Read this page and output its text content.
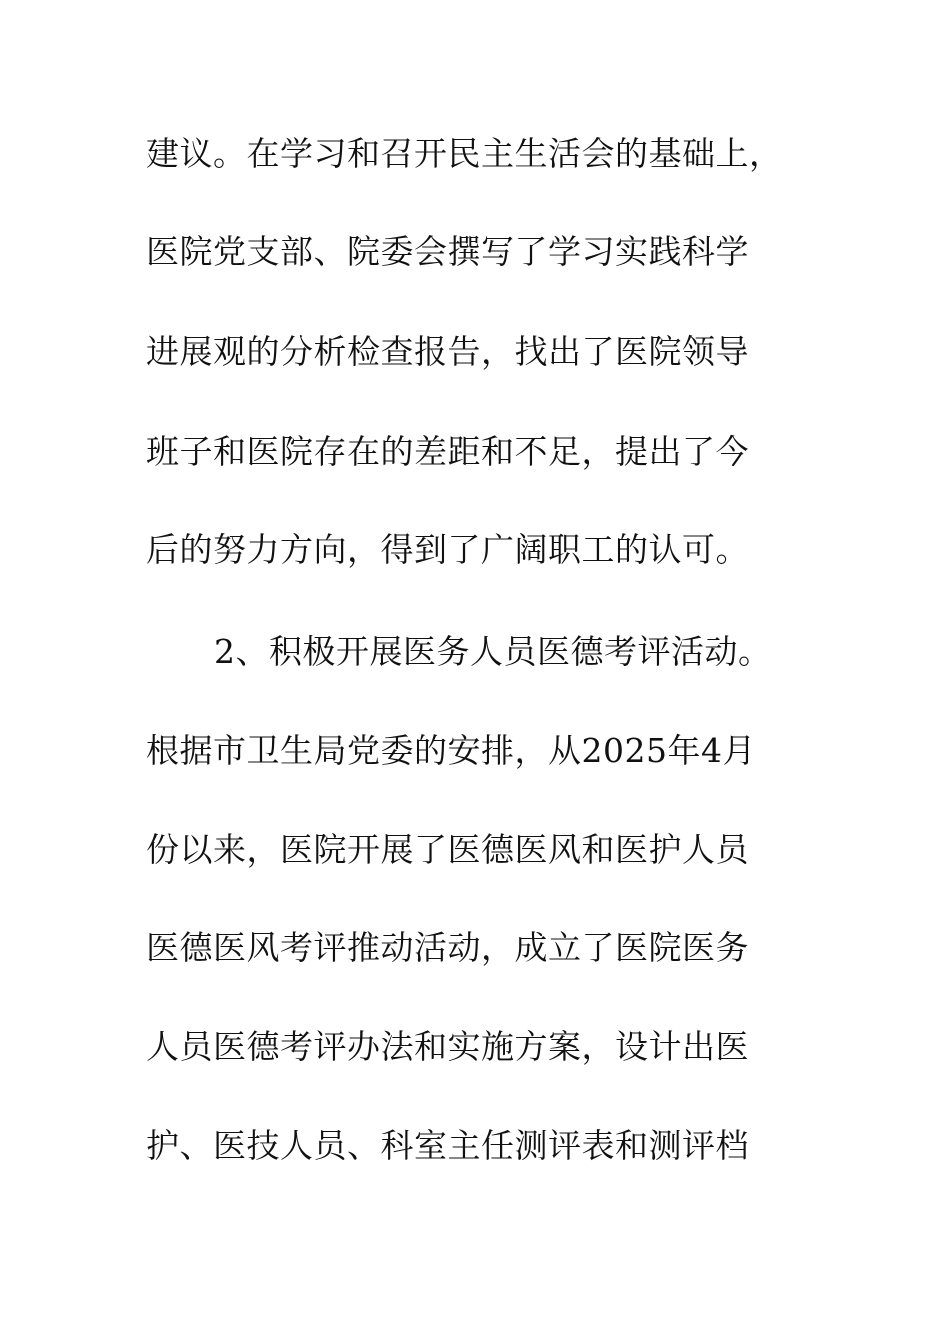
建议。在学习和召开民主生活会的基础上，

医院党支部、院委会撰写了学习实践科学

进展观的分析检查报告，找出了医院领导

班子和医院存在的差距和不足，提出了今

后的努力方向，得到了广阔职工的认可。

2、积极开展医务人员医德考评活动。

根据市卫生局党委的安排，从2025年4月

份以来，医院开展了医德医风和医护人员

医德医风考评推动活动，成立了医院医务

人员医德考评办法和实施方案，设计出医

护、医技人员、科室主任测评表和测评档
